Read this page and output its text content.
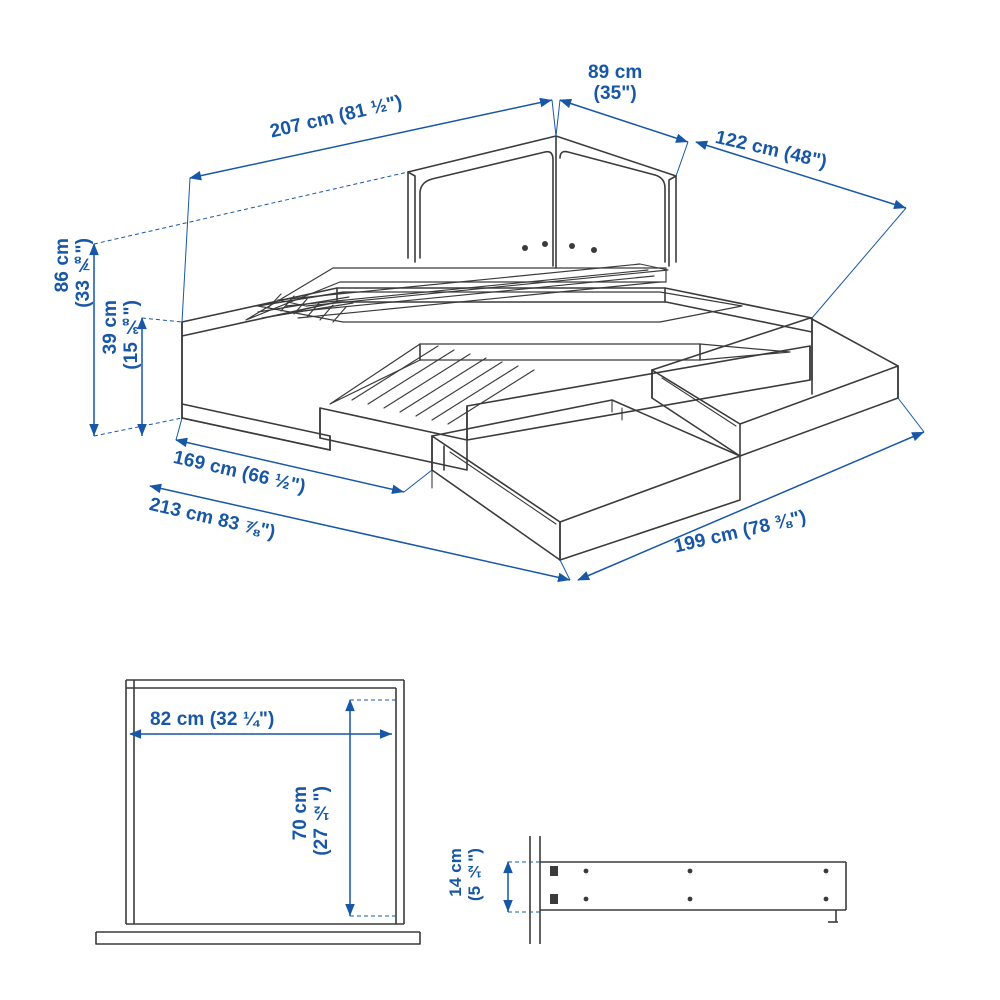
207 cm (81 ½")
89 cm
(35")
122 cm (48")
86 cm (33 ⅞")
39 cm (15 ⅜")
169 cm (66 ½")
213 cm 83 ⅞")	199 cm (78 ⅜")
82 cm (32 ¼")
70 cm (27 ½")
14 cm (5 ½")
